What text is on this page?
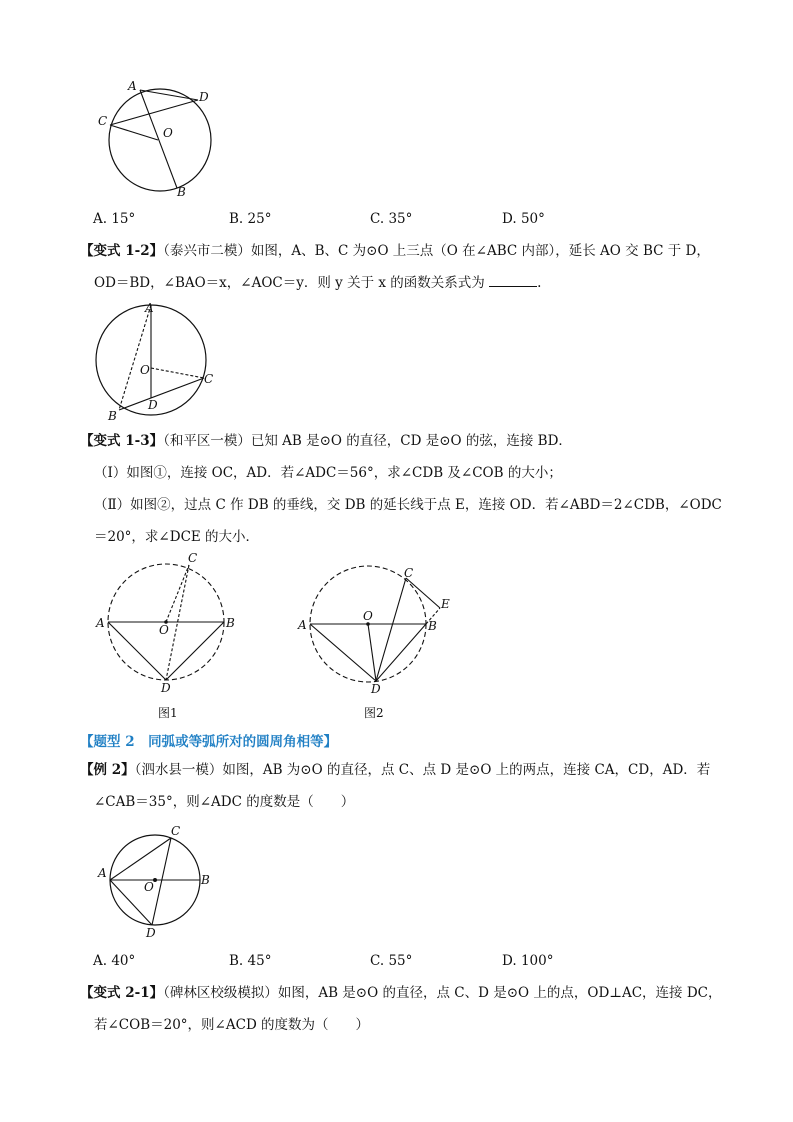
A
D
C
O
B
A. 15°	B. 25°	C. 35°	D. 50°
【变式 1-2】（泰兴市二模）如图，A、B、C 为⊙O 上三点（O 在∠ABC 内部），延长 AO 交 BC 于 D，
OD＝BD，∠BAO＝x，∠AOC＝y．则 y 关于 x 的函数关系式为	.
A
O
C
D
B
【变式 1-3】（和平区一模）已知 AB 是⊙O 的直径，CD 是⊙O 的弦，连接 BD．
（Ⅰ）如图①，连接 OC，AD．若∠ADC＝56°，求∠CDB 及∠COB 的大小；
（Ⅱ）如图②，过点 C 作 DB 的垂线，交 DB 的延长线于点 E，连接 OD．若∠ABD＝2∠CDB，∠ODC
＝20°，求∠DCE 的大小．
C
A	B
O
D
图1
C
E
O
A	B
D
图2
【题型 2　同弧或等弧所对的圆周角相等】
【例 2】（泗水县一模）如图，AB 为⊙O 的直径，点 C、点 D 是⊙O 上的两点，连接 CA，CD，AD．若
∠CAB＝35°，则∠ADC 的度数是（　　）
C
A	B
O
D
A. 40°	B. 45°	C. 55°	D. 100°
【变式 2-1】（碑林区校级模拟）如图，AB 是⊙O 的直径，点 C、D 是⊙O 上的点，OD⊥AC，连接 DC，
若∠COB＝20°，则∠ACD 的度数为（　　）
